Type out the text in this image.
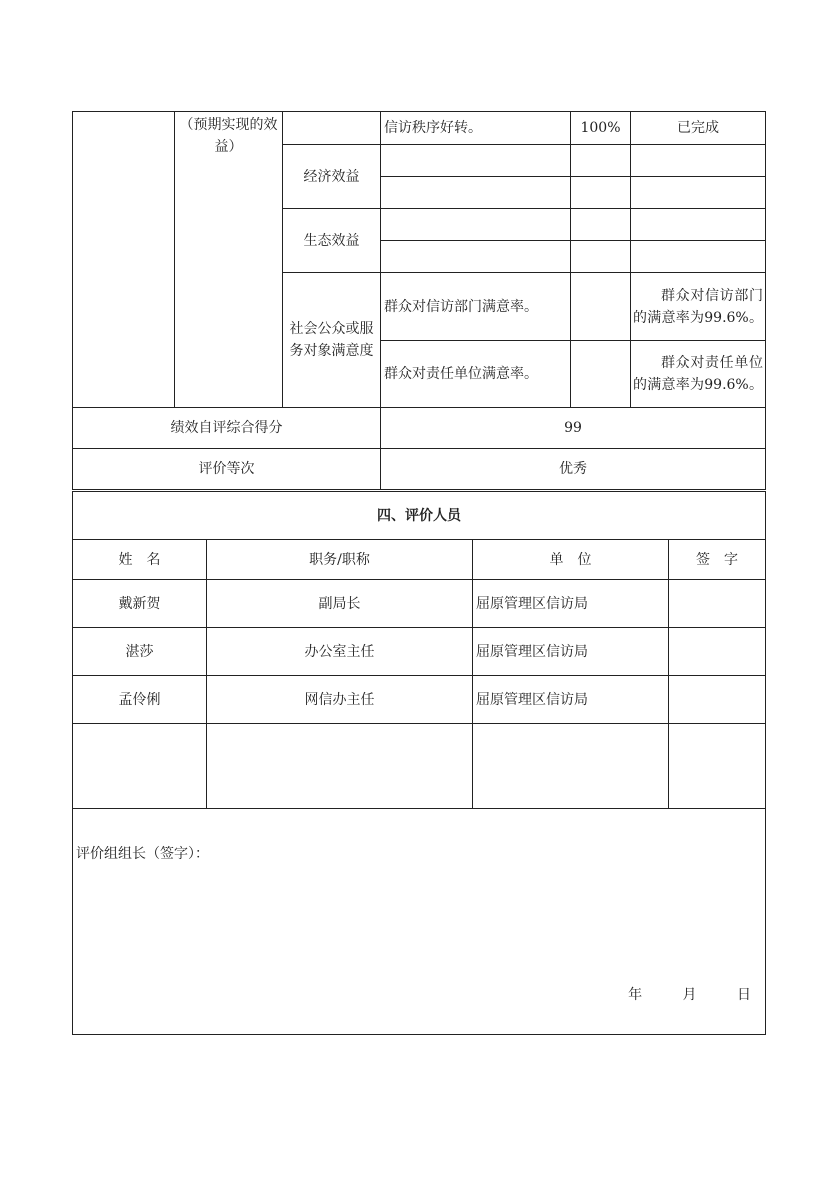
	（预期实现的效益）		信访秩序好转。	100%	已完成
		经济效益			

		生态效益			

		社会公众或服务对象满意度	群众对信访部门满意率。		群众对信访部门的满意率为99.6%。
			群众对责任单位满意率。		群众对责任单位的满意率为99.6%。
绩效自评综合得分			99		
评价等次			优秀		
四、评价人员			
姓　名	职务/职称	单　位	签　字
戴新贺	副局长	屈原管理区信访局	
湛莎	办公室主任	屈原管理区信访局	
孟伶俐	网信办主任	屈原管理区信访局	

评价组组长（签字）：
年 月 日			
